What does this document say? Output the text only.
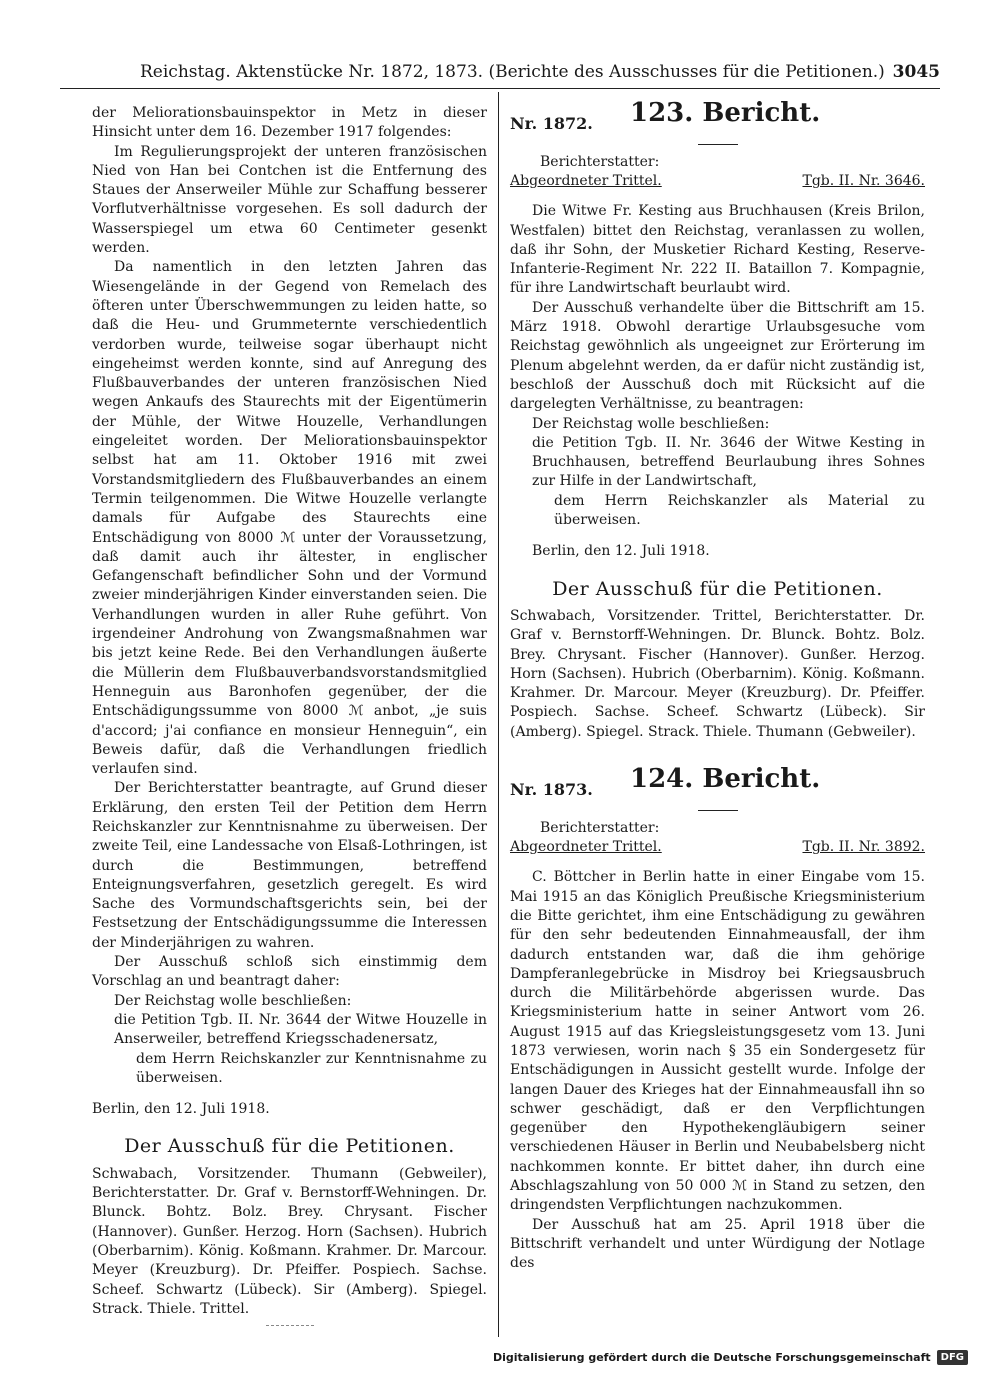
Reichstag. Aktenstücke Nr. 1872, 1873. (Berichte des Ausschusses für die Petitionen.) 3045

der Meliorationsbauinspektor in Metz in dieser Hinsicht unter dem 16. Dezember 1917 folgendes:

Im Regulierungsprojekt der unteren französischen Nied von Han bei Contchen ist die Entfernung des Staues der Anserweiler Mühle zur Schaffung besserer Vorflutverhältnisse vorgesehen. Es soll dadurch der Wasserspiegel um etwa 60 Centimeter gesenkt werden.

Da namentlich in den letzten Jahren das Wiesengelände in der Gegend von Remelach des öfteren unter Überschwemmungen zu leiden hatte, so daß die Heu- und Grummeternte verschiedentlich verdorben wurde, teilweise sogar überhaupt nicht eingeheimst werden konnte, sind auf Anregung des Flußbauverbandes der unteren französischen Nied wegen Ankaufs des Staurechts mit der Eigentümerin der Mühle, der Witwe Houzelle, Verhandlungen eingeleitet worden. Der Meliorationsbauinspektor selbst hat am 11. Oktober 1916 mit zwei Vorstandsmitgliedern des Flußbauverbandes an einem Termin teilgenommen. Die Witwe Houzelle verlangte damals für Aufgabe des Staurechts eine Entschädigung von 8000 ℳ unter der Voraussetzung, daß damit auch ihr ältester, in englischer Gefangenschaft befindlicher Sohn und der Vormund zweier minderjährigen Kinder einverstanden seien. Die Verhandlungen wurden in aller Ruhe geführt. Von irgendeiner Androhung von Zwangsmaßnahmen war bis jetzt keine Rede. Bei den Verhandlungen äußerte die Müllerin dem Flußbauverbandsvorstandsmitglied Henneguin aus Baronhofen gegenüber, der die Entschädigungssumme von 8000 ℳ anbot, „je suis d'accord; j'ai confiance en monsieur Henneguin“, ein Beweis dafür, daß die Verhandlungen friedlich verlaufen sind.

Der Berichterstatter beantragte, auf Grund dieser Erklärung, den ersten Teil der Petition dem Herrn Reichskanzler zur Kenntnisnahme zu überweisen. Der zweite Teil, eine Landessache von Elsaß-Lothringen, ist durch die Bestimmungen, betreffend Enteignungsverfahren, gesetzlich geregelt. Es wird Sache des Vormundschaftsgerichts sein, bei der Festsetzung der Entschädigungssumme die Interessen der Minderjährigen zu wahren.

Der Ausschuß schloß sich einstimmig dem Vorschlag an und beantragt daher:

Der Reichstag wolle beschließen:

die Petition Tgb. II. Nr. 3644 der Witwe Houzelle in Anserweiler, betreffend Kriegsschadenersatz,

dem Herrn Reichskanzler zur Kenntnisnahme zu überweisen.

Berlin, den 12. Juli 1918.

Der Ausschuß für die Petitionen.

Schwabach, Vorsitzender. Thumann (Gebweiler), Berichterstatter. Dr. Graf v. Bernstorff-Wehningen. Dr. Blunck. Bohtz. Bolz. Brey. Chrysant. Fischer (Hannover). Gunßer. Herzog. Horn (Sachsen). Hubrich (Oberbarnim). König. Koßmann. Krahmer. Dr. Marcour. Meyer (Kreuzburg). Dr. Pfeiffer. Pospiech. Sachse. Scheef. Schwartz (Lübeck). Sir (Amberg). Spiegel. Strack. Thiele. Trittel.

Nr. 1872. 123. Bericht.

Berichterstatter:

Abgeordneter Trittel.	Tgb. II. Nr. 3646.

Die Witwe Fr. Kesting aus Bruchhausen (Kreis Brilon, Westfalen) bittet den Reichstag, veranlassen zu wollen, daß ihr Sohn, der Musketier Richard Kesting, Reserve-Infanterie-Regiment Nr. 222 II. Bataillon 7. Kompagnie, für ihre Landwirtschaft beurlaubt wird.

Der Ausschuß verhandelte über die Bittschrift am 15. März 1918. Obwohl derartige Urlaubsgesuche vom Reichstag gewöhnlich als ungeeignet zur Erörterung im Plenum abgelehnt werden, da er dafür nicht zuständig ist, beschloß der Ausschuß doch mit Rücksicht auf die dargelegten Verhältnisse, zu beantragen:

Der Reichstag wolle beschließen:

die Petition Tgb. II. Nr. 3646 der Witwe Kesting in Bruchhausen, betreffend Beurlaubung ihres Sohnes zur Hilfe in der Landwirtschaft,

dem Herrn Reichskanzler als Material zu überweisen.

Berlin, den 12. Juli 1918.

Der Ausschuß für die Petitionen.

Schwabach, Vorsitzender. Trittel, Berichterstatter. Dr. Graf v. Bernstorff-Wehningen. Dr. Blunck. Bohtz. Bolz. Brey. Chrysant. Fischer (Hannover). Gunßer. Herzog. Horn (Sachsen). Hubrich (Oberbarnim). König. Koßmann. Krahmer. Dr. Marcour. Meyer (Kreuzburg). Dr. Pfeiffer. Pospiech. Sachse. Scheef. Schwartz (Lübeck). Sir (Amberg). Spiegel. Strack. Thiele. Thumann (Gebweiler).

Nr. 1873. 124. Bericht.

Berichterstatter:

Abgeordneter Trittel.	Tgb. II. Nr. 3892.

C. Böttcher in Berlin hatte in einer Eingabe vom 15. Mai 1915 an das Königlich Preußische Kriegsministerium die Bitte gerichtet, ihm eine Entschädigung zu gewähren für den sehr bedeutenden Einnahmeausfall, der ihm dadurch entstanden war, daß die ihm gehörige Dampferanlegebrücke in Misdroy bei Kriegsausbruch durch die Militärbehörde abgerissen wurde. Das Kriegsministerium hatte in seiner Antwort vom 26. August 1915 auf das Kriegsleistungsgesetz vom 13. Juni 1873 verwiesen, worin nach § 35 ein Sondergesetz für Entschädigungen in Aussicht gestellt wurde. Infolge der langen Dauer des Krieges hat der Einnahmeausfall ihn so schwer geschädigt, daß er den Verpflichtungen gegenüber den Hypothekengläubigern seiner verschiedenen Häuser in Berlin und Neubabelsberg nicht nachkommen konnte. Er bittet daher, ihn durch eine Abschlagszahlung von 50 000 ℳ in Stand zu setzen, den dringendsten Verpflichtungen nachzukommen.

Der Ausschuß hat am 25. April 1918 über die Bittschrift verhandelt und unter Würdigung der Notlage des

Digitalisierung gefördert durch die Deutsche Forschungsgemeinschaft	DFG
